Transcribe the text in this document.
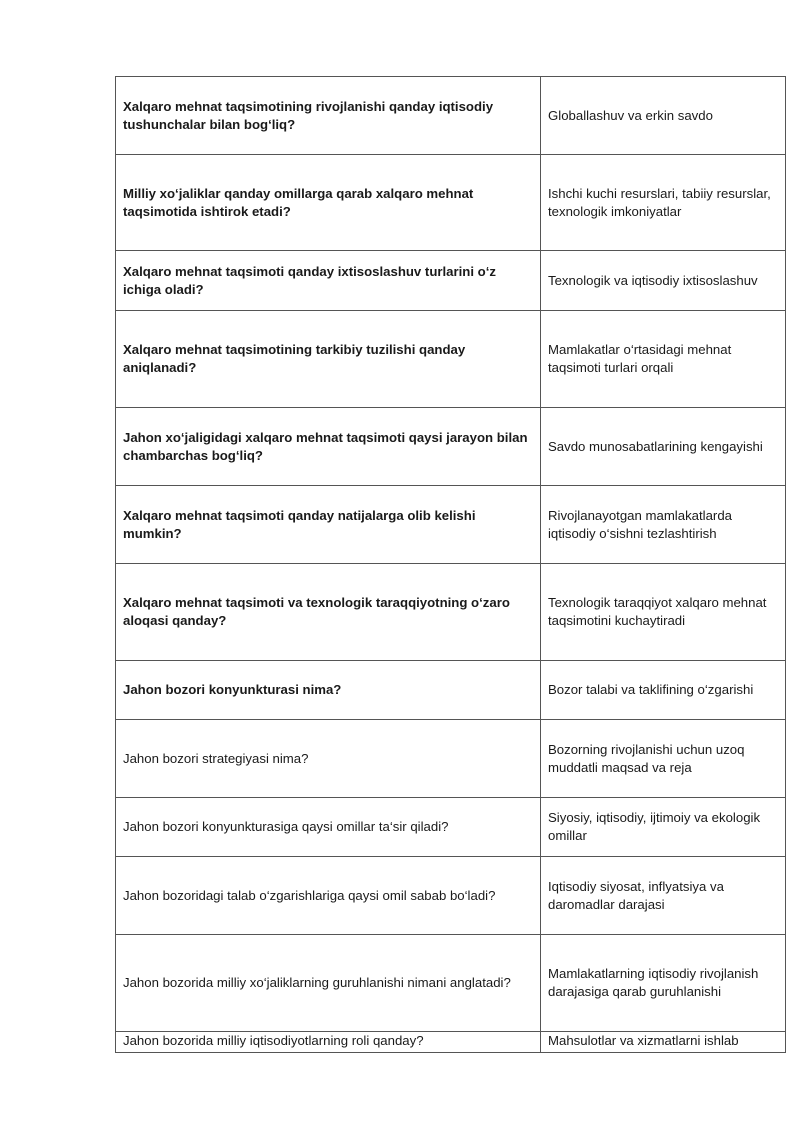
Xalqaro mehnat taqsimotining rivojlanishi qanday iqtisodiy tushunchalar bilan bog‘liq?	Globallashuv va erkin savdo
Milliy xo‘jaliklar qanday omillarga qarab xalqaro mehnat taqsimotida ishtirok etadi?	Ishchi kuchi resurslari, tabiiy resurslar, texnologik imkoniyatlar
Xalqaro mehnat taqsimoti qanday ixtisoslashuv turlarini o‘z ichiga oladi?	Texnologik va iqtisodiy ixtisoslashuv
Xalqaro mehnat taqsimotining tarkibiy tuzilishi qanday aniqlanadi?	Mamlakatlar o‘rtasidagi mehnat taqsimoti turlari orqali
Jahon xo‘jaligidagi xalqaro mehnat taqsimoti qaysi jarayon bilan chambarchas bog‘liq?	Savdo munosabatlarining kengayishi
Xalqaro mehnat taqsimoti qanday natijalarga olib kelishi mumkin?	Rivojlanayotgan mamlakatlarda iqtisodiy o‘sishni tezlashtirish
Xalqaro mehnat taqsimoti va texnologik taraqqiyotning o‘zaro aloqasi qanday?	Texnologik taraqqiyot xalqaro mehnat taqsimotini kuchaytiradi
Jahon bozori konyunkturasi nima?	Bozor talabi va taklifining o‘zgarishi
Jahon bozori strategiyasi nima?	Bozorning rivojlanishi uchun uzoq muddatli maqsad va reja
Jahon bozori konyunkturasiga qaysi omillar ta‘sir qiladi?	Siyosiy, iqtisodiy, ijtimoiy va ekologik omillar
Jahon bozoridagi talab o‘zgarishlariga qaysi omil sabab bo‘ladi?	Iqtisodiy siyosat, inflyatsiya va daromadlar darajasi
Jahon bozorida milliy xo‘jaliklarning guruhlanishi nimani anglatadi?	Mamlakatlarning iqtisodiy rivojlanish darajasiga qarab guruhlanishi
Jahon bozorida milliy iqtisodiyotlarning roli qanday?	Mahsulotlar va xizmatlarni ishlab
